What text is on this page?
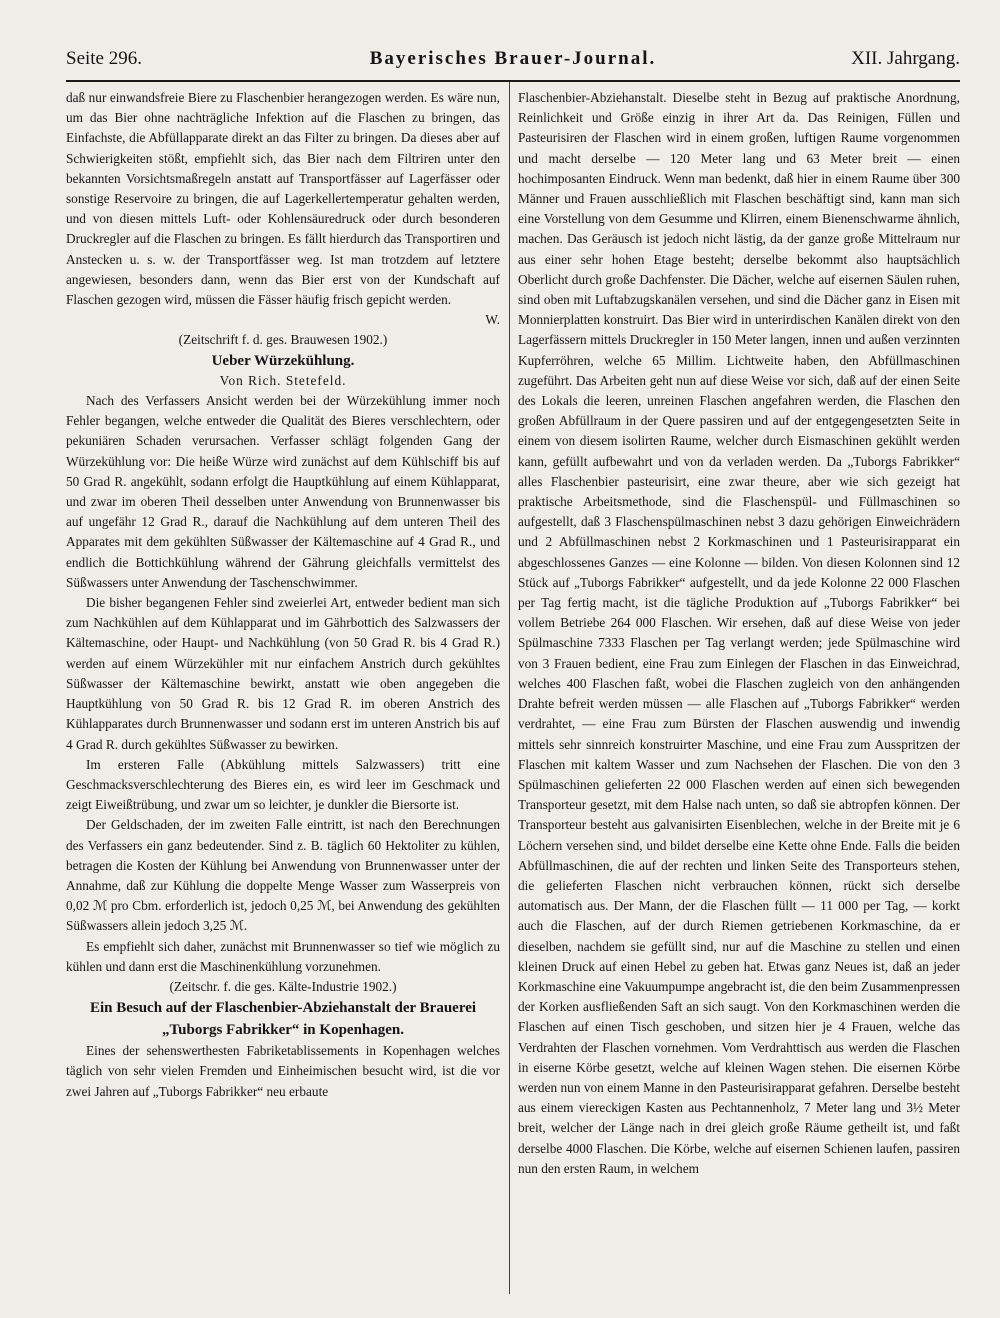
Seite 296.	Bayerisches Brauer-Journal.	XII. Jahrgang.

daß nur einwandsfreie Biere zu Flaschenbier herangezogen werden. Es wäre nun, um das Bier ohne nachträgliche Infektion auf die Flaschen zu bringen, das Einfachste, die Abfüllapparate direkt an das Filter zu bringen. Da dieses aber auf Schwierigkeiten stößt, empfiehlt sich, das Bier nach dem Filtriren unter den bekannten Vorsichtsmaßregeln anstatt auf Transportfässer auf Lagerfässer oder sonstige Reservoire zu bringen, die auf Lagerkellertemperatur gehalten werden, und von diesen mittels Luft- oder Kohlensäuredruck oder durch besonderen Druckregler auf die Flaschen zu bringen. Es fällt hierdurch das Transportiren und Anstecken u. s. w. der Transportfässer weg. Ist man trotzdem auf letztere angewiesen, besonders dann, wenn das Bier erst von der Kundschaft auf Flaschen gezogen wird, müssen die Fässer häufig frisch gepicht werden.

W.

(Zeitschrift f. d. ges. Brauwesen 1902.)

Ueber Würzekühlung.

Von Rich. Stetefeld.

Nach des Verfassers Ansicht werden bei der Würzekühlung immer noch Fehler begangen, welche entweder die Qualität des Bieres verschlechtern, oder pekuniären Schaden verursachen. Verfasser schlägt folgenden Gang der Würzekühlung vor: Die heiße Würze wird zunächst auf dem Kühlschiff bis auf 50 Grad R. angekühlt, sodann erfolgt die Hauptkühlung auf einem Kühlapparat, und zwar im oberen Theil desselben unter Anwendung von Brunnenwasser bis auf ungefähr 12 Grad R., darauf die Nachkühlung auf dem unteren Theil des Apparates mit dem gekühlten Süßwasser der Kältemaschine auf 4 Grad R., und endlich die Bottichkühlung während der Gährung gleichfalls vermittelst des Süßwassers unter Anwendung der Taschenschwimmer.

Die bisher begangenen Fehler sind zweierlei Art, entweder bedient man sich zum Nachkühlen auf dem Kühlapparat und im Gährbottich des Salzwassers der Kältemaschine, oder Haupt- und Nachkühlung (von 50 Grad R. bis 4 Grad R.) werden auf einem Würzekühler mit nur einfachem Anstrich durch gekühltes Süßwasser der Kältemaschine bewirkt, anstatt wie oben angegeben die Hauptkühlung von 50 Grad R. bis 12 Grad R. im oberen Anstrich des Kühlapparates durch Brunnenwasser und sodann erst im unteren Anstrich bis auf 4 Grad R. durch gekühltes Süßwasser zu bewirken.

Im ersteren Falle (Abkühlung mittels Salzwassers) tritt eine Geschmacksverschlechterung des Bieres ein, es wird leer im Geschmack und zeigt Eiweißtrübung, und zwar um so leichter, je dunkler die Biersorte ist.

Der Geldschaden, der im zweiten Falle eintritt, ist nach den Berechnungen des Verfassers ein ganz bedeutender. Sind z. B. täglich 60 Hektoliter zu kühlen, betragen die Kosten der Kühlung bei Anwendung von Brunnenwasser unter der Annahme, daß zur Kühlung die doppelte Menge Wasser zum Wasserpreis von 0,02 ℳ pro Cbm. erforderlich ist, jedoch 0,25 ℳ, bei Anwendung des gekühlten Süßwassers allein jedoch 3,25 ℳ.

Es empfiehlt sich daher, zunächst mit Brunnenwasser so tief wie möglich zu kühlen und dann erst die Maschinenkühlung vorzunehmen.

(Zeitschr. f. die ges. Kälte-Industrie 1902.)

Ein Besuch auf der Flaschenbier-Abziehanstalt der Brauerei „Tuborgs Fabrikker“ in Kopenhagen.

Eines der sehenswerthesten Fabriketablissements in Kopenhagen welches täglich von sehr vielen Fremden und Einheimischen besucht wird, ist die vor zwei Jahren auf „Tuborgs Fabrikker“ neu erbaute

Flaschenbier-Abziehanstalt. Dieselbe steht in Bezug auf praktische Anordnung, Reinlichkeit und Größe einzig in ihrer Art da. Das Reinigen, Füllen und Pasteurisiren der Flaschen wird in einem großen, luftigen Raume vorgenommen und macht derselbe — 120 Meter lang und 63 Meter breit — einen hochimposanten Eindruck. Wenn man bedenkt, daß hier in einem Raume über 300 Männer und Frauen ausschließlich mit Flaschen beschäftigt sind, kann man sich eine Vorstellung von dem Gesumme und Klirren, einem Bienenschwarme ähnlich, machen. Das Geräusch ist jedoch nicht lästig, da der ganze große Mittelraum nur aus einer sehr hohen Etage besteht; derselbe bekommt also hauptsächlich Oberlicht durch große Dachfenster. Die Dächer, welche auf eisernen Säulen ruhen, sind oben mit Luftabzugskanälen versehen, und sind die Dächer ganz in Eisen mit Monnierplatten konstruirt. Das Bier wird in unterirdischen Kanälen direkt von den Lagerfässern mittels Druckregler in 150 Meter langen, innen und außen verzinnten Kupferröhren, welche 65 Millim. Lichtweite haben, den Abfüllmaschinen zugeführt. Das Arbeiten geht nun auf diese Weise vor sich, daß auf der einen Seite des Lokals die leeren, unreinen Flaschen angefahren werden, die Flaschen den großen Abfüllraum in der Quere passiren und auf der entgegengesetzten Seite in einem von diesem isolirten Raume, welcher durch Eismaschinen gekühlt werden kann, gefüllt aufbewahrt und von da verladen werden. Da „Tuborgs Fabrikker“ alles Flaschenbier pasteurisirt, eine zwar theure, aber wie sich gezeigt hat praktische Arbeitsmethode, sind die Flaschenspül- und Füllmaschinen so aufgestellt, daß 3 Flaschenspülmaschinen nebst 3 dazu gehörigen Einweichrädern und 2 Abfüllmaschinen nebst 2 Korkmaschinen und 1 Pasteurisirapparat ein abgeschlossenes Ganzes — eine Kolonne — bilden. Von diesen Kolonnen sind 12 Stück auf „Tuborgs Fabrikker“ aufgestellt, und da jede Kolonne 22 000 Flaschen per Tag fertig macht, ist die tägliche Produktion auf „Tuborgs Fabrikker“ bei vollem Betriebe 264 000 Flaschen. Wir ersehen, daß auf diese Weise von jeder Spülmaschine 7333 Flaschen per Tag verlangt werden; jede Spülmaschine wird von 3 Frauen bedient, eine Frau zum Einlegen der Flaschen in das Einweichrad, welches 400 Flaschen faßt, wobei die Flaschen zugleich von den anhängenden Drahte befreit werden müssen — alle Flaschen auf „Tuborgs Fabrikker“ werden verdrahtet, — eine Frau zum Bürsten der Flaschen auswendig und inwendig mittels sehr sinnreich konstruirter Maschine, und eine Frau zum Ausspritzen der Flaschen mit kaltem Wasser und zum Nachsehen der Flaschen. Die von den 3 Spülmaschinen gelieferten 22 000 Flaschen werden auf einen sich bewegenden Transporteur gesetzt, mit dem Halse nach unten, so daß sie abtropfen können. Der Transporteur besteht aus galvanisirten Eisenblechen, welche in der Breite mit je 6 Löchern versehen sind, und bildet derselbe eine Kette ohne Ende. Falls die beiden Abfüllmaschinen, die auf der rechten und linken Seite des Transporteurs stehen, die gelieferten Flaschen nicht verbrauchen können, rückt sich derselbe automatisch aus. Der Mann, der die Flaschen füllt — 11 000 per Tag, — korkt auch die Flaschen, auf der durch Riemen getriebenen Korkmaschine, da er dieselben, nachdem sie gefüllt sind, nur auf die Maschine zu stellen und einen kleinen Druck auf einen Hebel zu geben hat. Etwas ganz Neues ist, daß an jeder Korkmaschine eine Vakuumpumpe angebracht ist, die den beim Zusammenpressen der Korken ausfließenden Saft an sich saugt. Von den Korkmaschinen werden die Flaschen auf einen Tisch geschoben, und sitzen hier je 4 Frauen, welche das Verdrahten der Flaschen vornehmen. Vom Verdrahttisch aus werden die Flaschen in eiserne Körbe gesetzt, welche auf kleinen Wagen stehen. Die eisernen Körbe werden nun von einem Manne in den Pasteurisirapparat gefahren. Derselbe besteht aus einem viereckigen Kasten aus Pechtannenholz, 7 Meter lang und 3½ Meter breit, welcher der Länge nach in drei gleich große Räume getheilt ist, und faßt derselbe 4000 Flaschen. Die Körbe, welche auf eisernen Schienen laufen, passiren nun den ersten Raum, in welchem
